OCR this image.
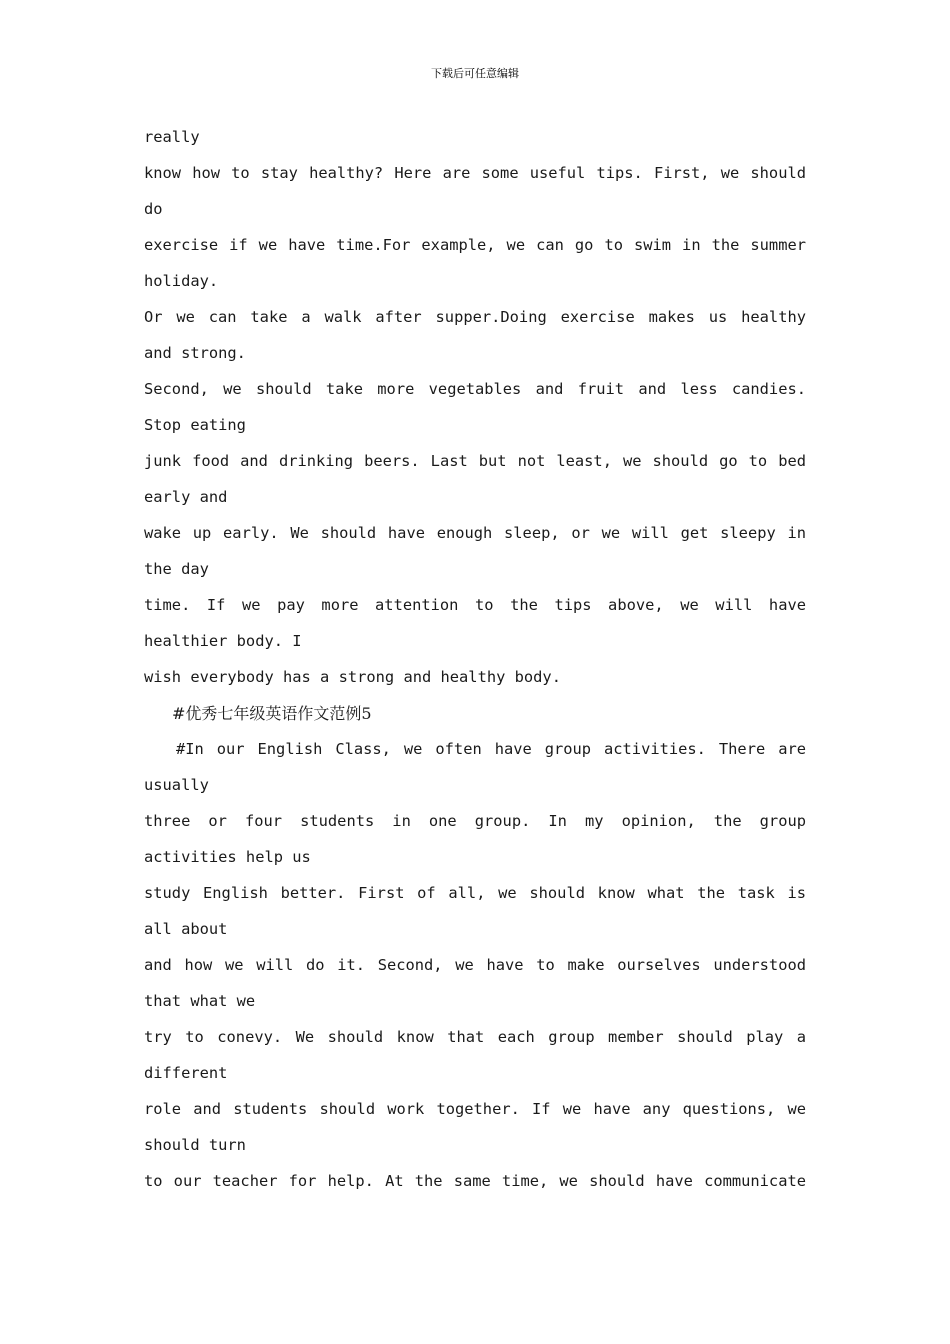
下载后可任意编辑
really
know how to stay healthy? Here are some useful tips. First, we should
do
exercise if we have time.For example, we can go to swim in the summer
holiday.
Or we can take a walk after supper.Doing exercise makes us healthy
and strong.
Second, we should take more vegetables and fruit and less candies.
Stop eating
junk food and drinking beers. Last but not least, we should go to bed
early and
wake up early. We should have enough sleep, or we will get sleepy in
the day
time. If we pay more attention to the tips above, we will have
healthier body. I
wish everybody has a strong and healthy body.
#优秀七年级英语作文范例5
#In our English Class, we often have group activities. There are
usually
three or four students in one group. In my opinion, the group
activities help us
study English better. First of all, we should know what the task is
all about
and how we will do it. Second, we have to make ourselves understood
that what we
try to conevy. We should know that each group member should play a
different
role and students should work together. If we have any questions, we
should turn
to our teacher for help. At the same time, we should have communicate
